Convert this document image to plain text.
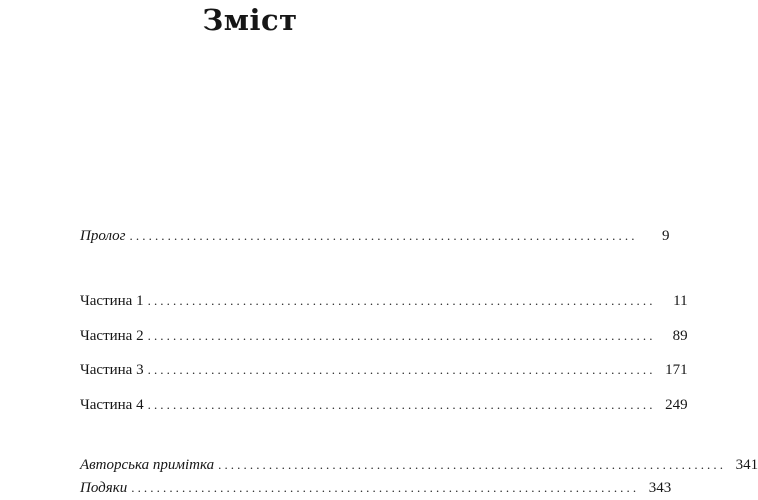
Зміст
Пролог ................................................................................	9
Частина 1 ................................................................................	11
Частина 2 ................................................................................	89
Частина 3 ................................................................................ 171
Частина 4 ................................................................................ 249
Авторська примітка ................................................................................ 341
Подяки ................................................................................ 343
